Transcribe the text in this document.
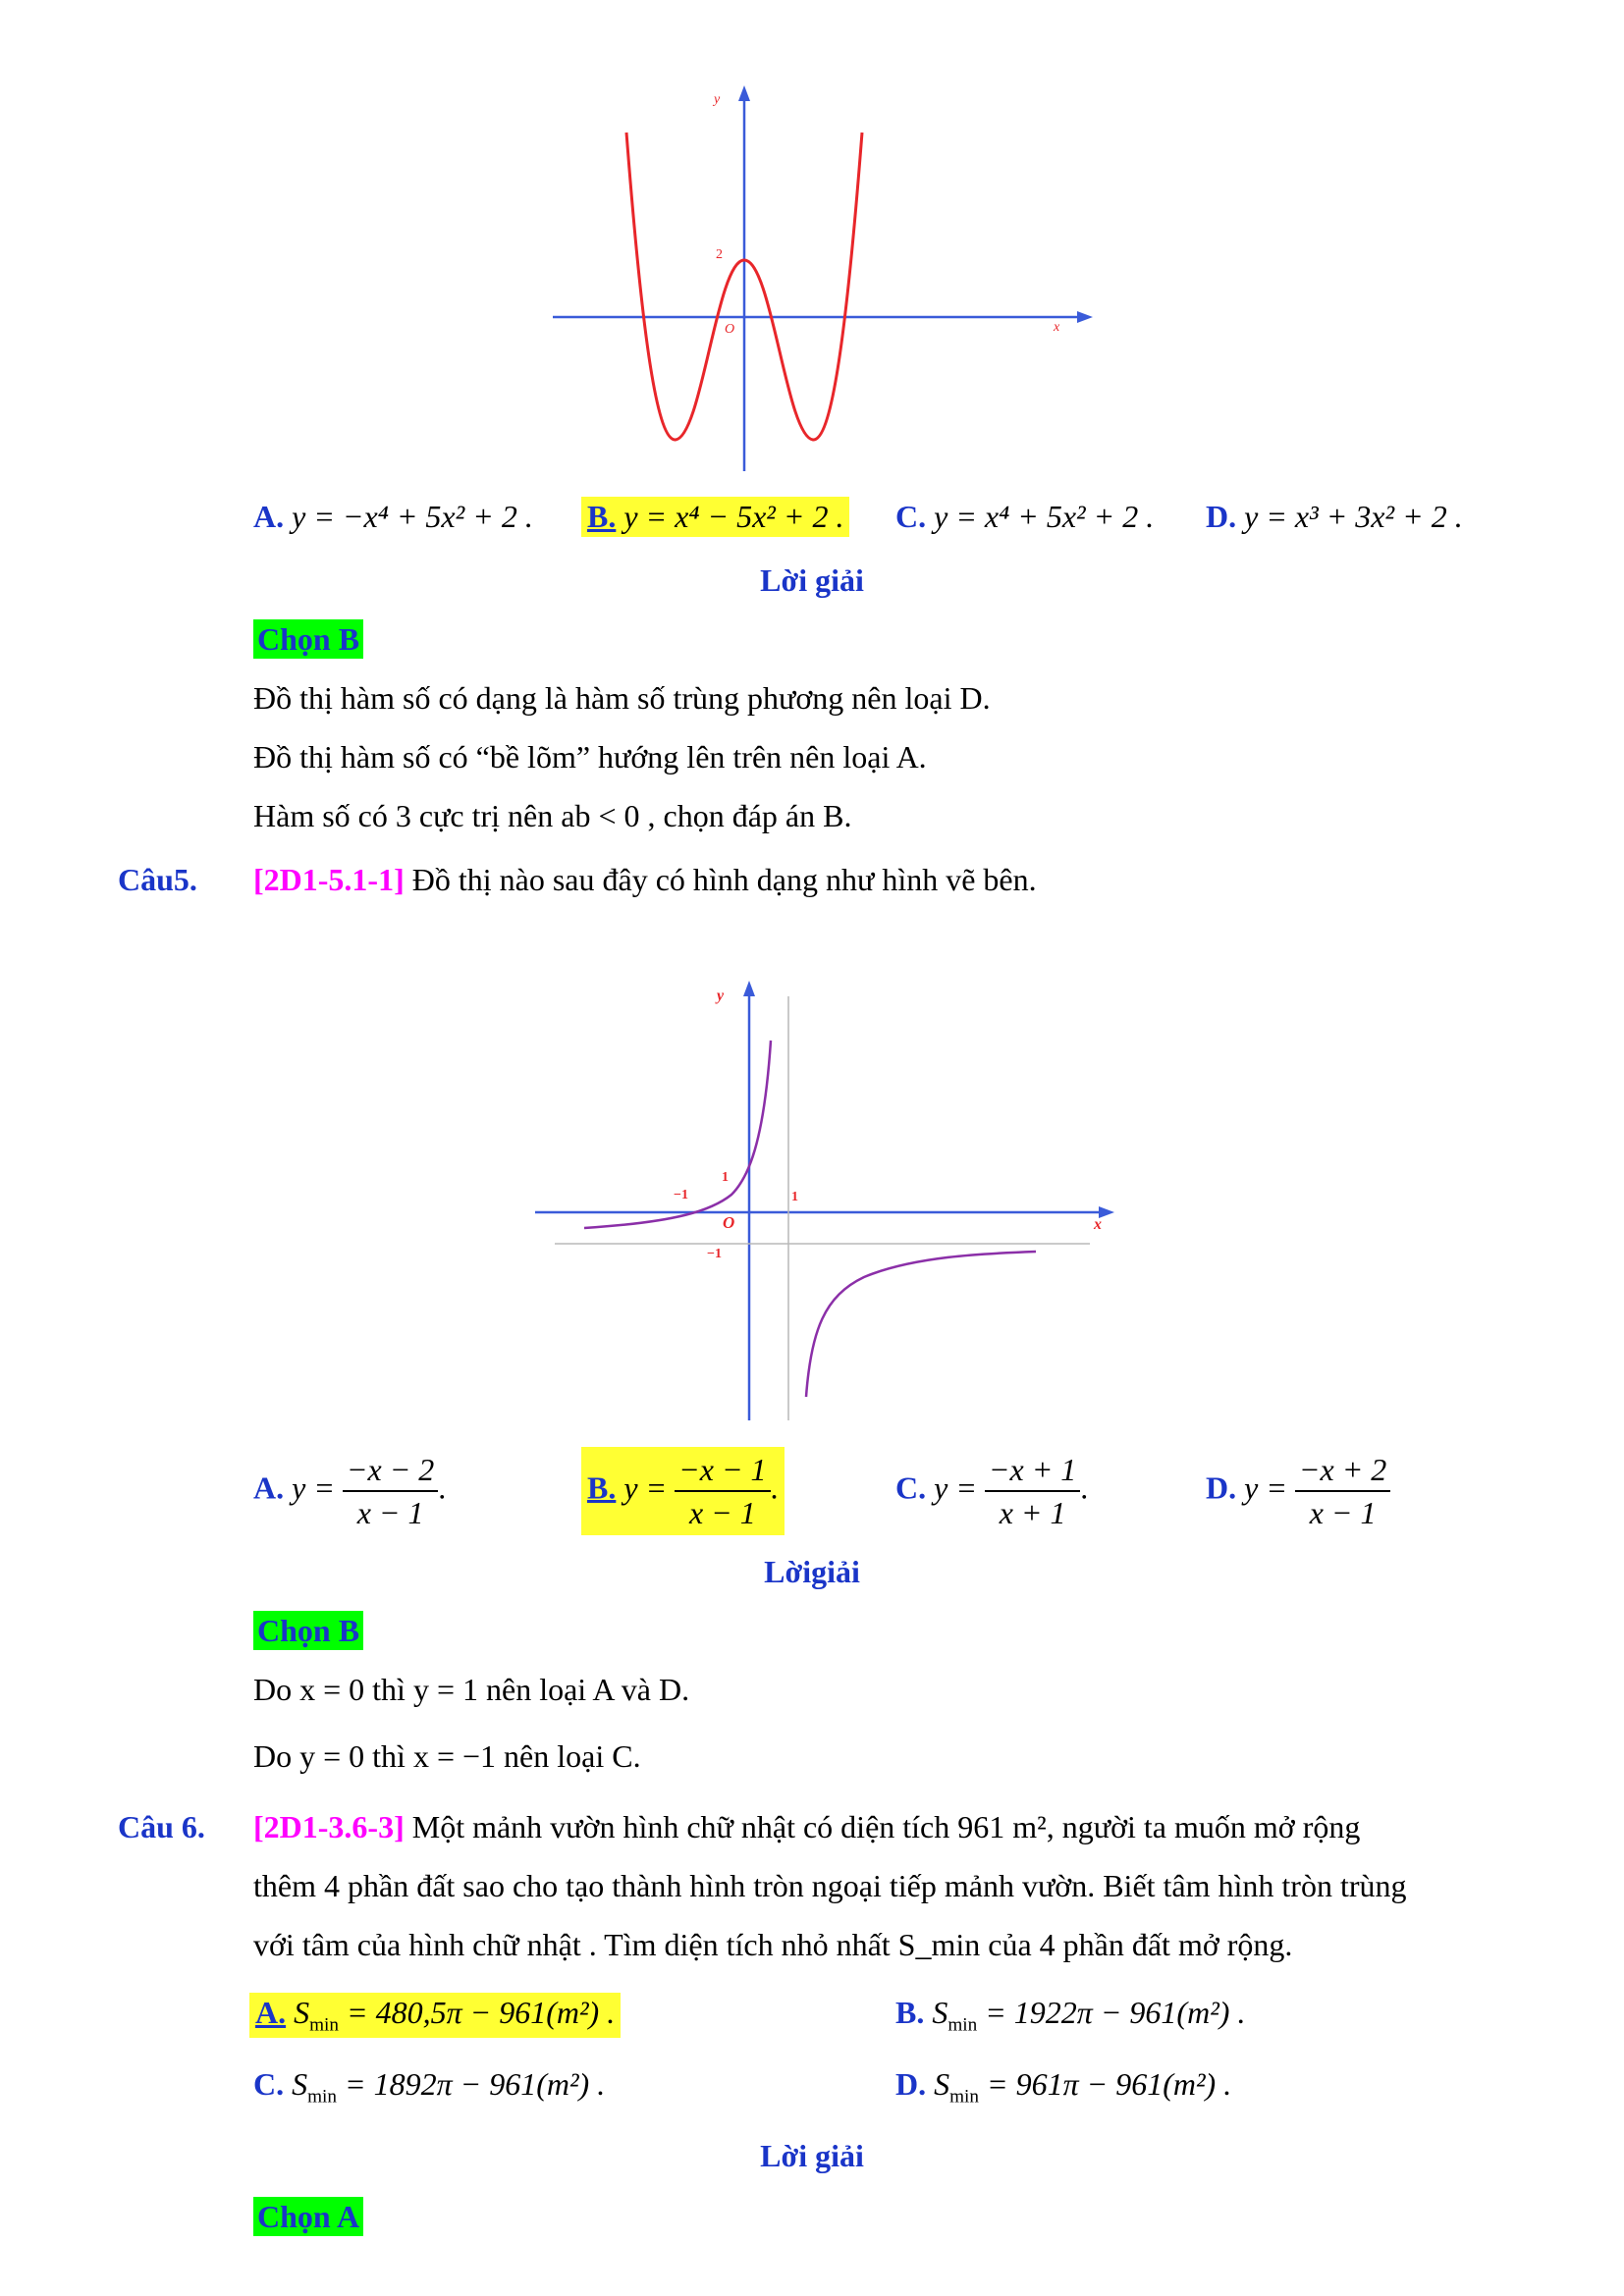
y
x
2
O
A. y = −x⁴ + 5x² + 2 . B. y = x⁴ − 5x² + 2 . C. y = x⁴ + 5x² + 2 . D. y = x³ + 3x² + 2 .
Lời giải
Chọn B
Đồ thị hàm số có dạng là hàm số trùng phương nên loại D.
Đồ thị hàm số có “bề lõm” hướng lên trên nên loại A.
Hàm số có 3 cực trị nên ab < 0 , chọn đáp án B.
Câu5. [2D1-5.1-1] Đồ thị nào sau đây có hình dạng như hình vẽ bên.
y
x
−1
1
1
−1
O
A. $y = \frac{-x - 2}{x - 1}$ .	B. $y = \frac{-x - 1}{x - 1}$ .	C. $y = \frac{-x + 1}{x + 1}$ .	D. $y = \frac{-x + 2}{x - 1}$
Lờigiải
Chọn B
Do x = 0 thì y = 1 nên loại A và D.
Do y = 0 thì x = −1 nên loại C.
Câu 6. [2D1-3.6-3] Một mảnh vườn hình chữ nhật có diện tích 961 m², người ta muốn mở rộng
thêm 4 phần đất sao cho tạo thành hình tròn ngoại tiếp mảnh vườn. Biết tâm hình tròn trùng
với tâm của hình chữ nhật . Tìm diện tích nhỏ nhất S_min của 4 phần đất mở rộng.
A. $S_{min} = 480,5\pi - 961(m^2)$ .	B. $S_{min} = 1922\pi - 961(m^2)$ .
C. $S_{min} = 1892\pi - 961(m^2)$ .	D. $S_{min} = 961\pi - 961(m^2)$ .
Lời giải
Chọn A
